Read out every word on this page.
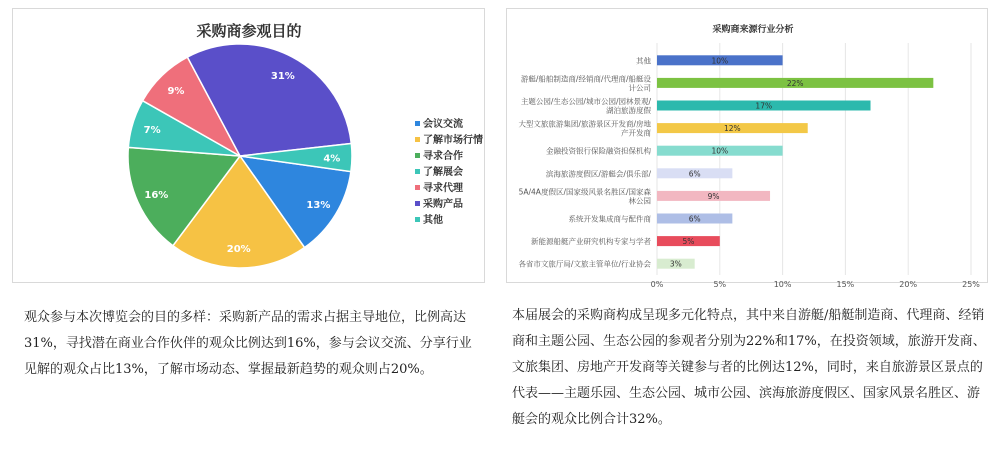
采购商参观目的
13%
20%
16%
7%
9%
31%
4%
会议交流
了解市场行情
寻求合作
了解展会
寻求代理
采购产品
其他
采购商来源行业分析
10%
22%
17%
12%
10%
6%
9%
6%
5%
3%
其他
游艇/船舶制造商/经销商/代理商/船艇设计公司
主题公园/生态公园/城市公园/园林景观/湖泊旅游度假
大型文旅旅游集团/旅游景区开发商/房地产开发商
金融投资银行保险融资担保机构
滨海旅游度假区/游艇会/俱乐部/
5A/4A度假区/国家级风景名胜区/国家森林公园
系统开发集成商与配件商
新能源船艇产业研究机构专家与学者
各省市文旅厅局/文旅主管单位/行业协会
0%	5%	10%	15%	20%	25%
观众参与本次博览会的目的多样：采购新产品的需求占据主导地位，比例高达31%，寻找潜在商业合作伙伴的观众比例达到16%，参与会议交流、分享行业见解的观众占比13%，了解市场动态、掌握最新趋势的观众则占20%。
本届展会的采购商构成呈现多元化特点，其中来自游艇/船艇制造商、代理商、经销商和主题公园、生态公园的参观者分别为22%和17%，在投资领域，旅游开发商、文旅集团、房地产开发商等关键参与者的比例达12%，同时，来自旅游景区景点的代表——主题乐园、生态公园、城市公园、滨海旅游度假区、国家风景名胜区、游艇会的观众比例合计32%。
